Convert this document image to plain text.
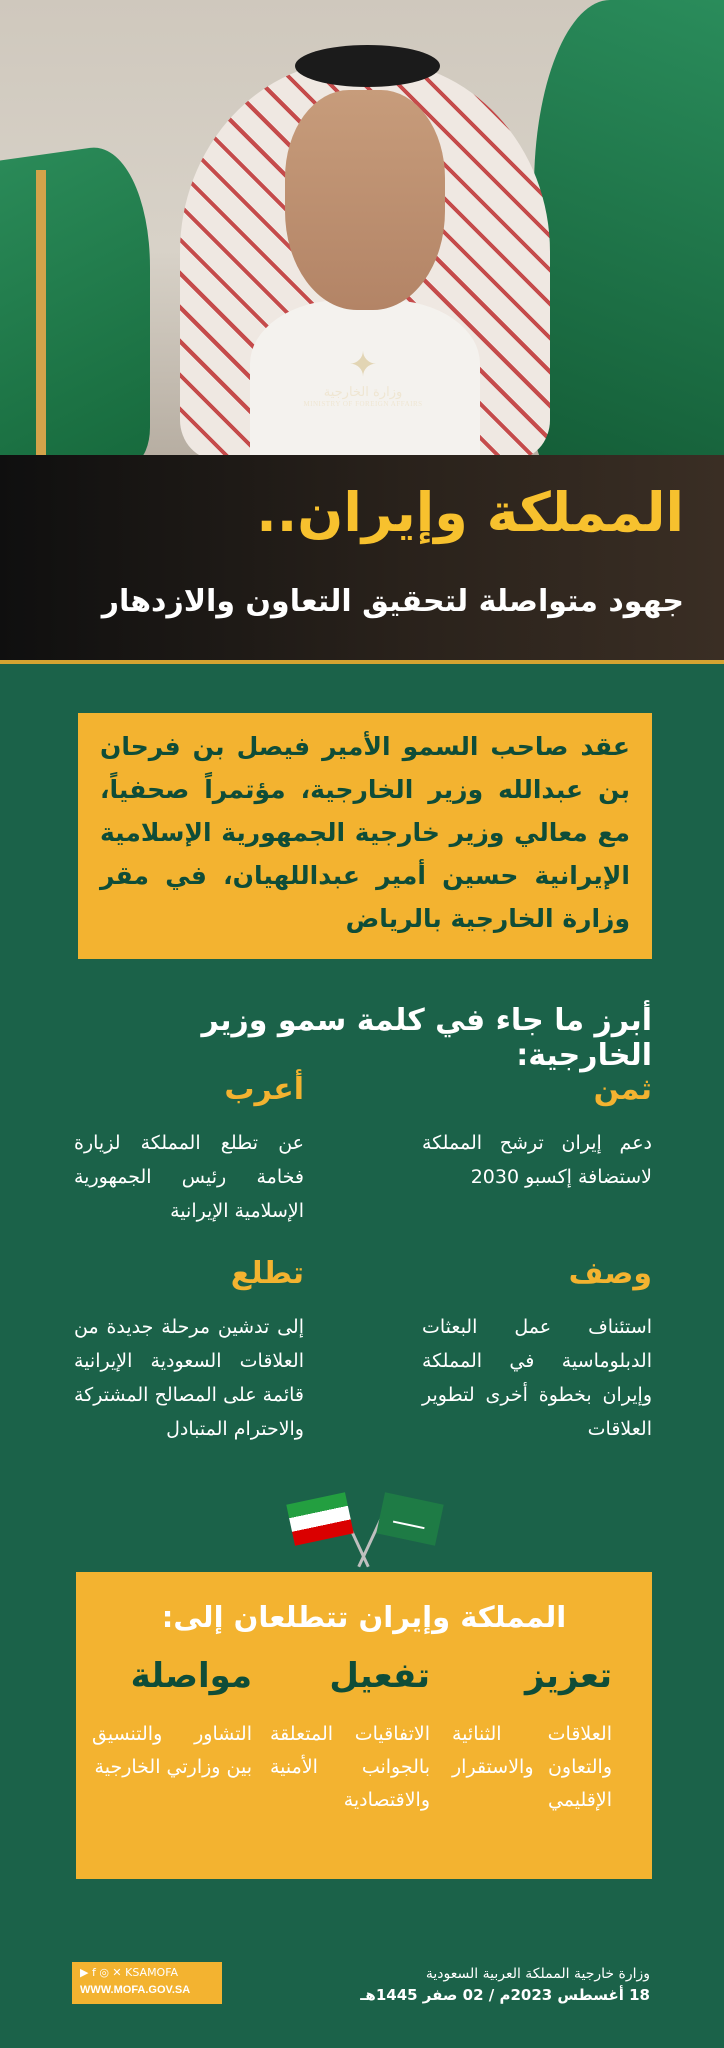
✦
وزارة الخارجية
MINISTRY OF FOREIGN AFFAIRS
المملكة وإيران..
جهود متواصلة لتحقيق التعاون والازدهار

عقد صاحب السمو الأمير فيصل بن فرحان بن عبدالله وزير الخارجية، مؤتمراً صحفياً، مع معالي وزير خارجية الجمهورية الإسلامية الإيرانية حسين أمير عبداللهيان، في مقر وزارة الخارجية بالرياض

أبرز ما جاء في كلمة سمو وزير الخارجية:
ثمن

دعم إيران ترشح المملكة لاستضافة إكسبو 2030

أعرب

عن تطلع المملكة لزيارة فخامة رئيس الجمهورية الإسلامية الإيرانية

وصف

استئناف عمل البعثات الدبلوماسية في المملكة وإيران بخطوة أخرى لتطوير العلاقات

تطلع

إلى تدشين مرحلة جديدة من العلاقات السعودية الإيرانية قائمة على المصالح المشتركة والاحترام المتبادل

المملكة وإيران تتطلعان إلى:
تعزيز

العلاقات الثنائية والتعاون والاستقرار الإقليمي

تفعيل

الاتفاقيات المتعلقة بالجوانب الأمنية والاقتصادية

مواصلة

التشاور والتنسيق بين وزارتي الخارجية

▶ f ◎ ✕ KSAMOFA
WWW.MOFA.GOV.SA
وزارة خارجية المملكة العربية السعودية
18 أغسطس 2023م / 02 صفر 1445هـ
